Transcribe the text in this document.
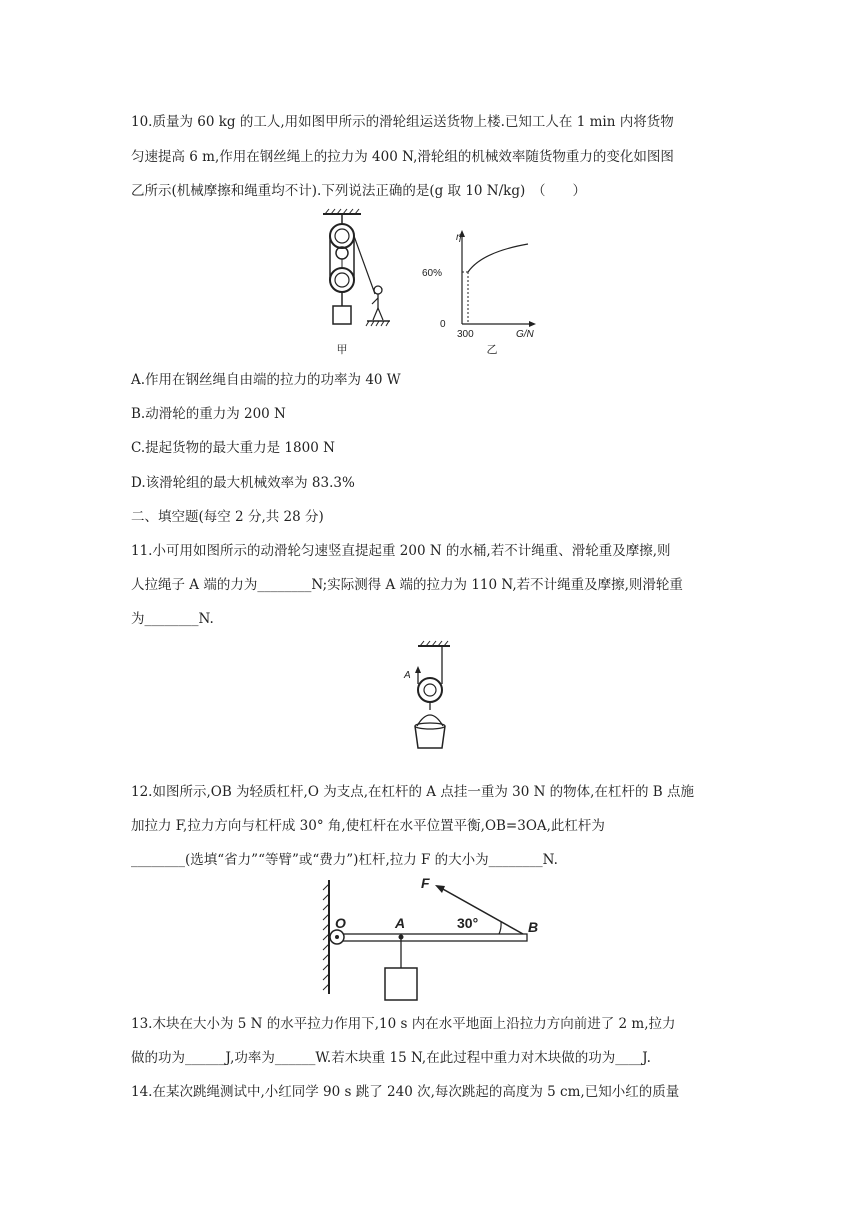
10.质量为 60 kg 的工人,用如图甲所示的滑轮组运送货物上楼.已知工人在 1 min 内将货物
匀速提高 6 m,作用在钢丝绳上的拉力为 400 N,滑轮组的机械效率随货物重力的变化如图图
乙所示(机械摩擦和绳重均不计).下列说法正确的是(g 取 10 N/kg)　（　　）
甲
η
60%
0
300	G/N
乙
A.作用在钢丝绳自由端的拉力的功率为 40 W
B.动滑轮的重力为 200 N
C.提起货物的最大重力是 1800 N
D.该滑轮组的最大机械效率为 83.3%
二、填空题(每空 2 分,共 28 分)
11.小可用如图所示的动滑轮匀速竖直提起重 200 N 的水桶,若不计绳重、滑轮重及摩擦,则
人拉绳子 A 端的力为________N;实际测得 A 端的拉力为 110 N,若不计绳重及摩擦,则滑轮重
为________N.
A
12.如图所示,OB 为轻质杠杆,O 为支点,在杠杆的 A 点挂一重为 30 N 的物体,在杠杆的 B 点施
加拉力 F,拉力方向与杠杆成 30° 角,使杠杆在水平位置平衡,OB=3OA,此杠杆为
________(选填“省力”“等臂”或“费力”)杠杆,拉力 F 的大小为________N.
F
30°
O	A	B
13.木块在大小为 5 N 的水平拉力作用下,10 s 内在水平地面上沿拉力方向前进了 2 m,拉力
做的功为______J,功率为______W.若木块重 15 N,在此过程中重力对木块做的功为____J.
14.在某次跳绳测试中,小红同学 90 s 跳了 240 次,每次跳起的高度为 5 cm,已知小红的质量
